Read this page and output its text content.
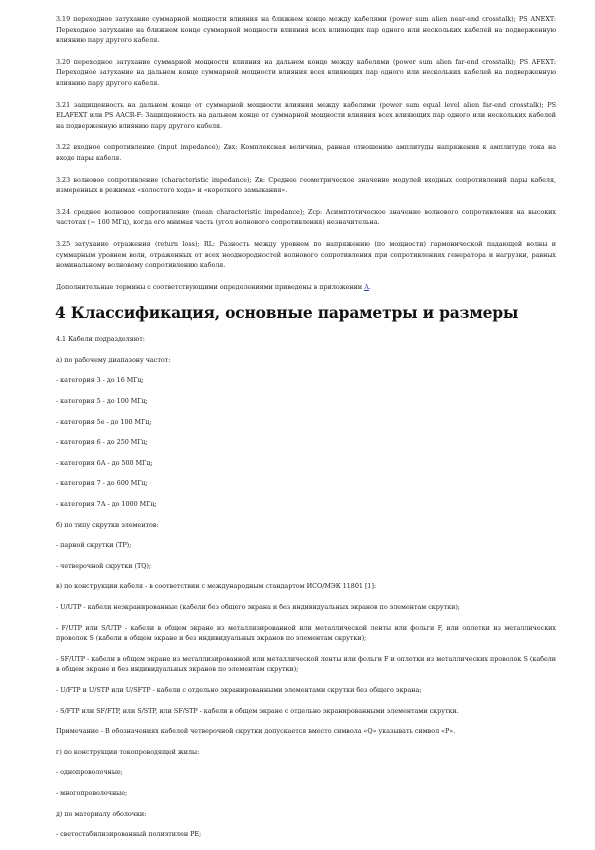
3.19 переходное затухание суммарной мощности влияния на ближнем конце между кабелями (power sum alien near-end crosstalk); PS ANEXT: Переходное затухание на ближнем конце суммарной мощности влияния всех влияющих пар одного или нескольких кабелей на подверженную влиянию пару другого кабеля.

3.20 переходное затухание суммарной мощности влияния на дальнем конце между кабелями (power sum alien far-end crosstalk); PS AFEXT: Переходное затухание на дальнем конце суммарной мощности влияния всех влияющих пар одного или нескольких кабелей на подверженную влиянию пару другого кабеля.

3.21 защищенность на дальнем конце от суммарной мощности влияния между кабелями (power sum equal level alien far-end crosstalk); PS ELAFEXT или PS AACR-F: Защищенность на дальнем конце от суммарной мощности влияния всех влияющих пар одного или нескольких кабелей на подверженную влиянию пару другого кабеля.

3.22 входное сопротивление (input impedance); Zвх: Комплексная величина, равная отношению амплитуды напряжения к амплитуде тока на входе пары кабеля.

3.23 волновое сопротивление (characteristic impedance); Zв: Среднее геометрическое значение модулей входных сопротивлений пары кабеля, измеренных в режимах «холостого хода» и «короткого замыкания».

3.24 среднее волновое сопротивление (mean characteristic impedance); Zср: Асимптотическое значение волнового сопротивления на высоких частотах (~ 100 МГц), когда его мнимая часть (угол волнового сопротивления) незначительна.

3.25 затухание отражения (return loss); RL: Разность между уровнем по напряжению (по мощности) гармонической падающей волны и суммарным уровнем волн, отраженных от всех неоднородностей волнового сопротивления при сопротивлениях генератора и нагрузки, равных номинальному волновому сопротивлению кабеля.

Дополнительные термины с соответствующими определениями приведены в приложении А.

4 Классификация, основные параметры и размеры

4.1 Кабели подразделяют:

а) по рабочему диапазону частот:

- категория 3 - до 16 МГц;

- категория 5 - до 100 МГц;

- категория 5е - до 100 МГц;

- категория 6 - до 250 МГц;

- категория 6А - до 500 МГц;

- категория 7 - до 600 МГц;

- категория 7А - до 1000 МГц;

б) по типу скрутки элементов:

- парной скрутки (TP);

- четверочной скрутки (TQ);

в) по конструкции кабеля - в соответствии с международным стандартом ИСО/МЭК 11801 [1]:

- U/UTP - кабели неэкранированные (кабели без общего экрана и без индивидуальных экранов по элементам скрутки);

- F/UTP или S/UTP - кабели в общем экране из металлизированной или металлической ленты или фольги F, или оплетки из металлических проволок S (кабели в общем экране и без индивидуальных экранов по элементам скрутки);

- SF/UTP - кабели в общем экране из металлизированной или металлической ленты или фольги F и оплетки из металлических проволок S (кабели в общем экране и без индивидуальных экранов по элементам скрутки);

- U/FTP и U/STP или U/SFTP - кабели с отдельно экранированными элементами скрутки без общего экрана;

- S/FTP или SF/FTP, или S/STP, или SF/STP - кабели в общем экране с отдельно экранированными элементами скрутки.

Примечание - В обозначениях кабелей четверочной скрутки допускается вместо символа «Q» указывать символ «P».

г) по конструкции токопроводящей жилы:

- однопроволочные;

- многопроволочные;

д) по материалу оболочки:

- светостабилизированный полиэтилен PE;
